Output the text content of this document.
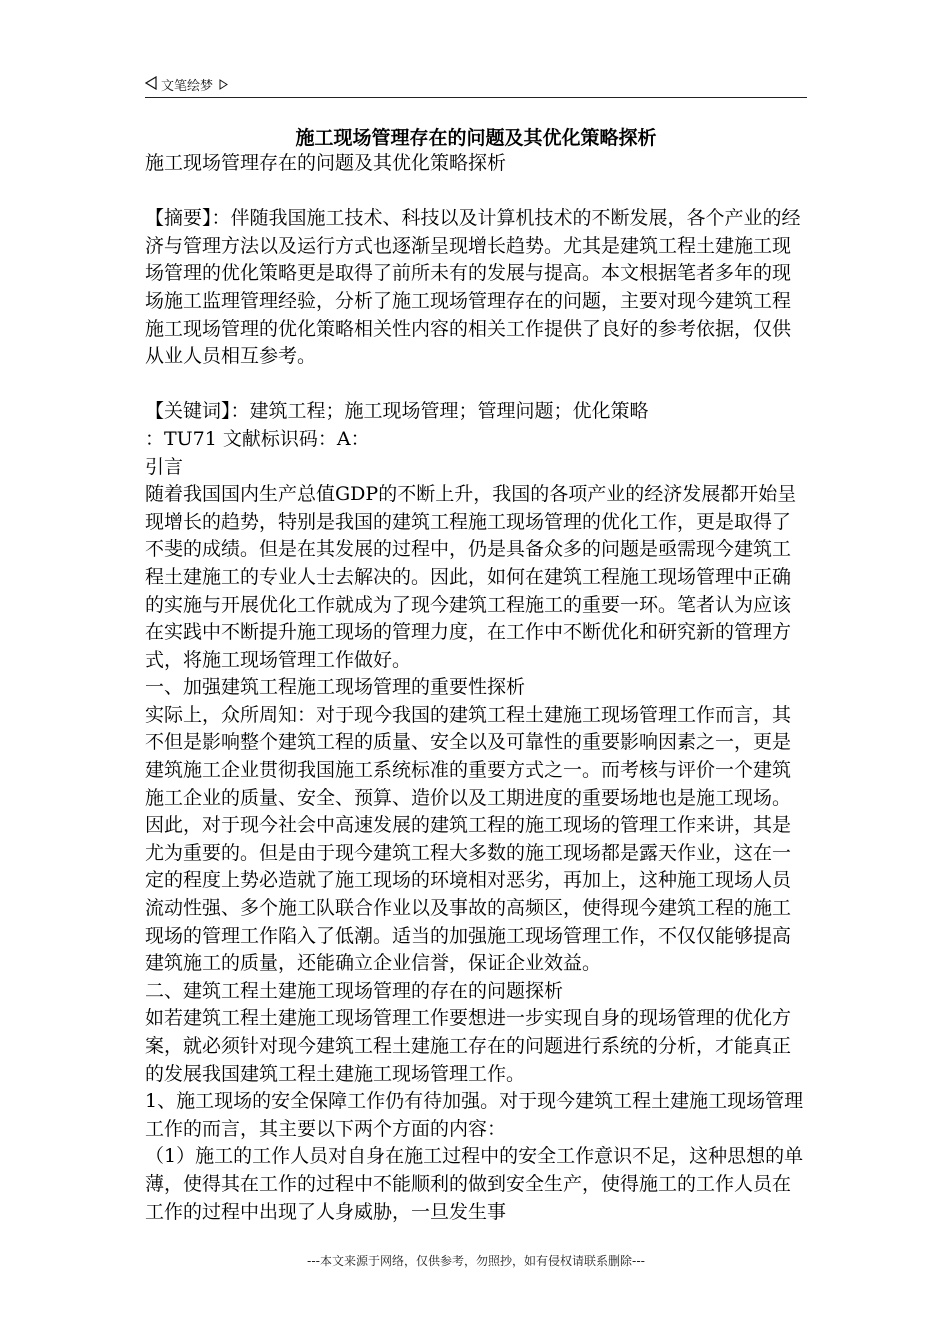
文笔绘梦
施工现场管理存在的问题及其优化策略探析

施工现场管理存在的问题及其优化策略探析

【摘要】：伴随我国施工技术、科技以及计算机技术的不断发展，各个产业的经济与管理方法以及运行方式也逐渐呈现增长趋势。尤其是建筑工程土建施工现场管理的优化策略更是取得了前所未有的发展与提高。本文根据笔者多年的现场施工监理管理经验，分析了施工现场管理存在的问题，主要对现今建筑工程施工现场管理的优化策略相关性内容的相关工作提供了良好的参考依据，仅供从业人员相互参考。

【关键词】：建筑工程；施工现场管理；管理问题；优化策略

：TU71 文献标识码：A：

引言

随着我国国内生产总值GDP的不断上升，我国的各项产业的经济发展都开始呈现增长的趋势，特别是我国的建筑工程施工现场管理的优化工作，更是取得了不斐的成绩。但是在其发展的过程中，仍是具备众多的问题是亟需现今建筑工程土建施工的专业人士去解决的。因此，如何在建筑工程施工现场管理中正确的实施与开展优化工作就成为了现今建筑工程施工的重要一环。笔者认为应该在实践中不断提升施工现场的管理力度，在工作中不断优化和研究新的管理方式，将施工现场管理工作做好。

一、加强建筑工程施工现场管理的重要性探析

实际上，众所周知：对于现今我国的建筑工程土建施工现场管理工作而言，其不但是影响整个建筑工程的质量、安全以及可靠性的重要影响因素之一，更是建筑施工企业贯彻我国施工系统标准的重要方式之一。而考核与评价一个建筑施工企业的质量、安全、预算、造价以及工期进度的重要场地也是施工现场。因此，对于现今社会中高速发展的建筑工程的施工现场的管理工作来讲，其是尤为重要的。但是由于现今建筑工程大多数的施工现场都是露天作业，这在一定的程度上势必造就了施工现场的环境相对恶劣，再加上，这种施工现场人员流动性强、多个施工队联合作业以及事故的高频区，使得现今建筑工程的施工现场的管理工作陷入了低潮。适当的加强施工现场管理工作，不仅仅能够提高建筑施工的质量，还能确立企业信誉，保证企业效益。

二、建筑工程土建施工现场管理的存在的问题探析

如若建筑工程土建施工现场管理工作要想进一步实现自身的现场管理的优化方案，就必须针对现今建筑工程土建施工存在的问题进行系统的分析，才能真正的发展我国建筑工程土建施工现场管理工作。

1、施工现场的安全保障工作仍有待加强。对于现今建筑工程土建施工现场管理工作的而言，其主要以下两个方面的内容：

（1）施工的工作人员对自身在施工过程中的安全工作意识不足，这种思想的单薄，使得其在工作的过程中不能顺利的做到安全生产，使得施工的工作人员在工作的过程中出现了人身威胁，一旦发生事

---本文来源于网络，仅供参考，勿照抄，如有侵权请联系删除---
